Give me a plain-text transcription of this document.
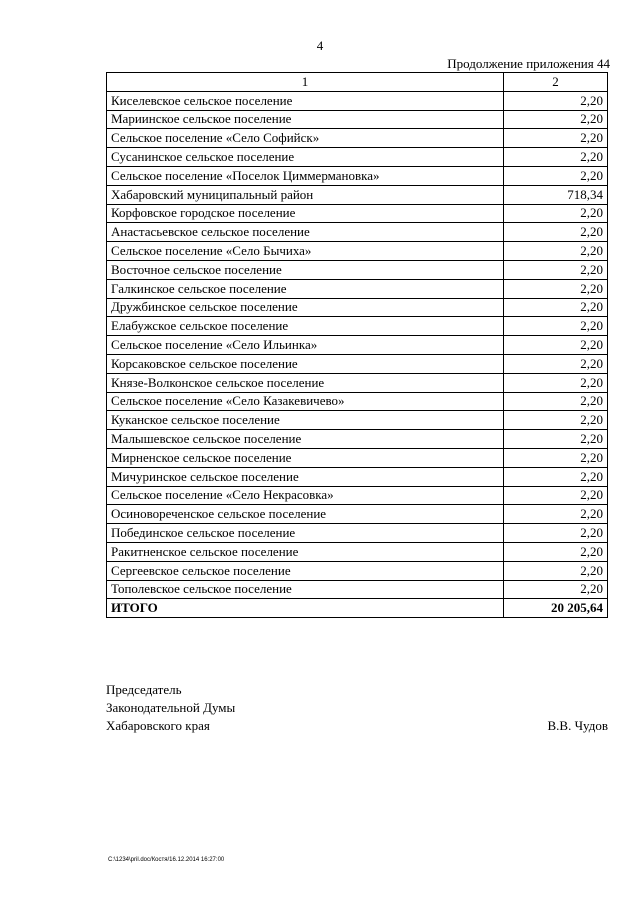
4
Продолжение приложения 44
1	2
Киселевское сельское поселение	2,20
Мариинское сельское поселение	2,20
Сельское поселение «Село Софийск»	2,20
Сусанинское сельское поселение	2,20
Сельское поселение «Поселок Циммермановка»	2,20
Хабаровский муниципальный район	718,34
Корфовское городское поселение	2,20
Анастасьевское сельское поселение	2,20
Сельское поселение «Село Бычиха»	2,20
Восточное сельское поселение	2,20
Галкинское сельское поселение	2,20
Дружбинское сельское поселение	2,20
Елабужское сельское поселение	2,20
Сельское поселение «Село Ильинка»	2,20
Корсаковское сельское поселение	2,20
Князе-Волконское сельское поселение	2,20
Сельское поселение «Село Казакевичево»	2,20
Куканское сельское поселение	2,20
Малышевское сельское поселение	2,20
Мирненское сельское поселение	2,20
Мичуринское сельское поселение	2,20
Сельское поселение «Село Некрасовка»	2,20
Осиновореченское сельское поселение	2,20
Побединское сельское поселение	2,20
Ракитненское сельское поселение	2,20
Сергеевское сельское поселение	2,20
Тополевское сельское поселение	2,20
ИТОГО	20 205,64
Председатель
Законодательной Думы
Хабаровского края	В.В. Чудов
C:\1234\pril.doc/Костя/16.12.2014 16:27:00
